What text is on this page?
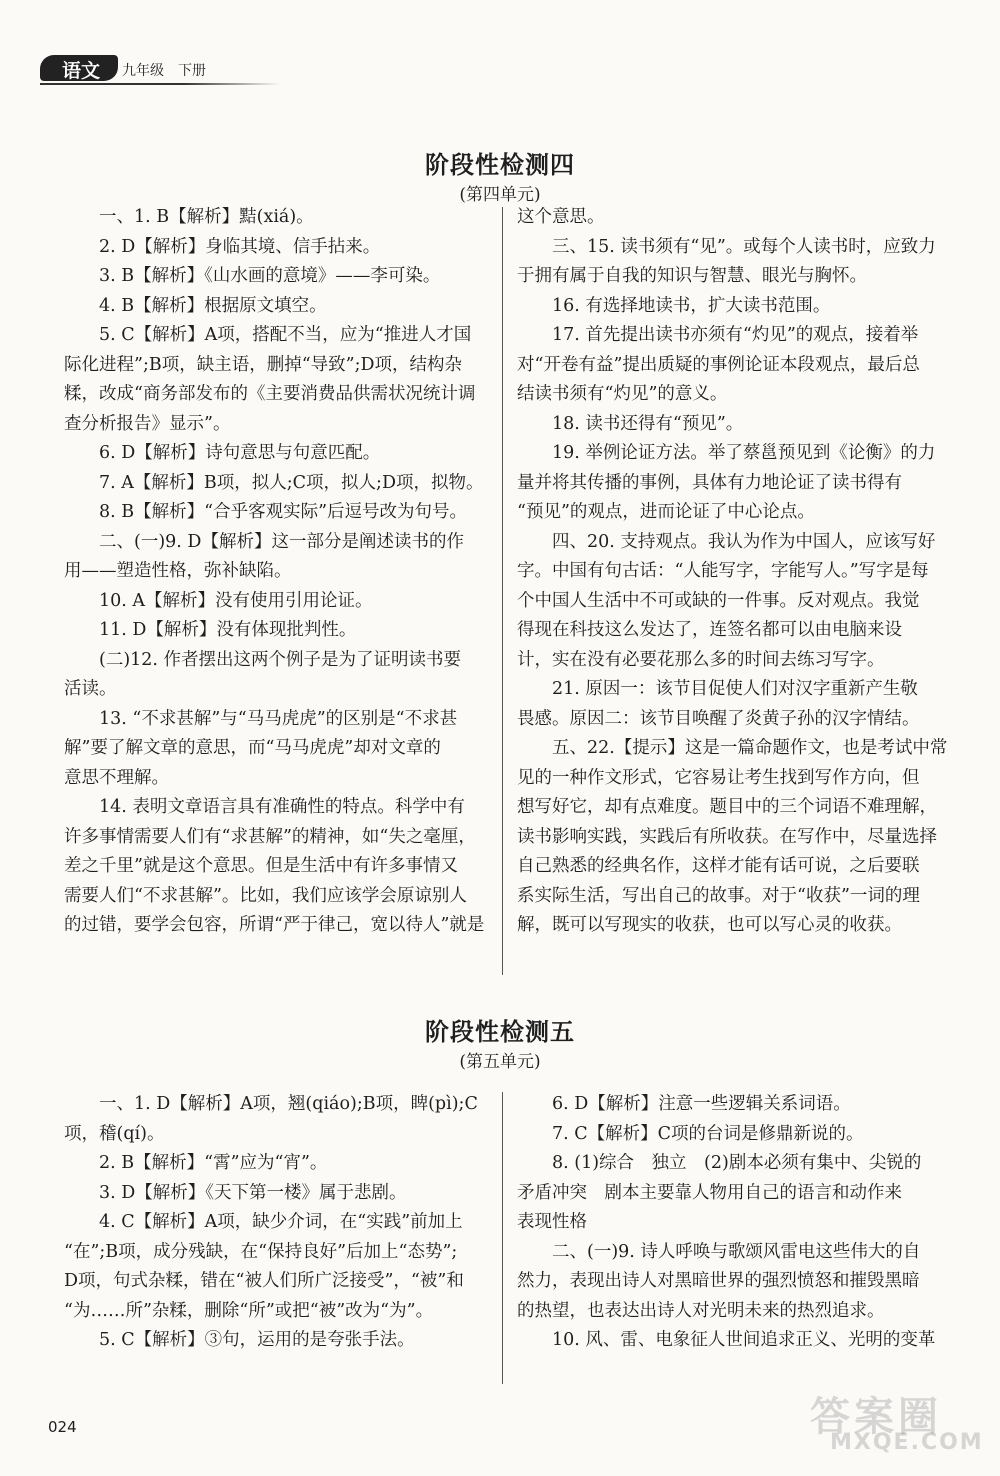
语文 九年级　下册
阶段性检测四
(第四单元)
一、1. B【解析】黠(xiá)。
2. D【解析】身临其境、信手拈来。
3. B【解析】《山水画的意境》——李可染。
4. B【解析】根据原文填空。
5. C【解析】A项，搭配不当，应为“推进人才国
际化进程”;B项，缺主语，删掉“导致”;D项，结构杂
糅，改成“商务部发布的《主要消费品供需状况统计调
查分析报告》显示”。
6. D【解析】诗句意思与句意匹配。
7. A【解析】B项，拟人;C项，拟人;D项，拟物。
8. B【解析】“合乎客观实际”后逗号改为句号。
二、(一)9. D【解析】这一部分是阐述读书的作
用——塑造性格，弥补缺陷。
10. A【解析】没有使用引用论证。
11. D【解析】没有体现批判性。
(二)12. 作者摆出这两个例子是为了证明读书要
活读。
13. “不求甚解”与“马马虎虎”的区别是“不求甚
解”要了解文章的意思，而“马马虎虎”却对文章的
意思不理解。
14. 表明文章语言具有准确性的特点。科学中有
许多事情需要人们有“求甚解”的精神，如“失之毫厘，
差之千里”就是这个意思。但是生活中有许多事情又
需要人们“不求甚解”。比如，我们应该学会原谅别人
的过错，要学会包容，所谓“严于律己，宽以待人”就是
这个意思。
三、15. 读书须有“见”。或每个人读书时，应致力
于拥有属于自我的知识与智慧、眼光与胸怀。
16. 有选择地读书，扩大读书范围。
17. 首先提出读书亦须有“灼见”的观点，接着举
对“开卷有益”提出质疑的事例论证本段观点，最后总
结读书须有“灼见”的意义。
18. 读书还得有“预见”。
19. 举例论证方法。举了蔡邕预见到《论衡》的力
量并将其传播的事例，具体有力地论证了读书得有
“预见”的观点，进而论证了中心论点。
四、20. 支持观点。我认为作为中国人，应该写好
字。中国有句古话：“人能写字，字能写人。”写字是每
个中国人生活中不可或缺的一件事。反对观点。我觉
得现在科技这么发达了，连签名都可以由电脑来设
计，实在没有必要花那么多的时间去练习写字。
21. 原因一：该节目促使人们对汉字重新产生敬
畏感。原因二：该节目唤醒了炎黄子孙的汉字情结。
五、22.【提示】这是一篇命题作文，也是考试中常
见的一种作文形式，它容易让考生找到写作方向，但
想写好它，却有点难度。题目中的三个词语不难理解，
读书影响实践，实践后有所收获。在写作中，尽量选择
自己熟悉的经典名作，这样才能有话可说，之后要联
系实际生活，写出自己的故事。对于“收获”一词的理
解，既可以写现实的收获，也可以写心灵的收获。
阶段性检测五
(第五单元)
一、1. D【解析】A项，翘(qiáo);B项，睥(pì);C
项，稽(qí)。
2. B【解析】“霄”应为“宵”。
3. D【解析】《天下第一楼》属于悲剧。
4. C【解析】A项，缺少介词，在“实践”前加上
“在”;B项，成分残缺，在“保持良好”后加上“态势”;
D项，句式杂糅，错在“被人们所广泛接受”，“被”和
“为……所”杂糅，删除“所”或把“被”改为“为”。
5. C【解析】③句，运用的是夸张手法。
6. D【解析】注意一些逻辑关系词语。
7. C【解析】C项的台词是修鼎新说的。
8. (1)综合　独立　(2)剧本必须有集中、尖锐的
矛盾冲突　剧本主要靠人物用自己的语言和动作来
表现性格
二、(一)9. 诗人呼唤与歌颂风雷电这些伟大的自
然力，表现出诗人对黑暗世界的强烈愤怒和摧毁黑暗
的热望，也表达出诗人对光明未来的热烈追求。
10. 风、雷、电象征人世间追求正义、光明的变革
024	答案圈
MXQE.COM
